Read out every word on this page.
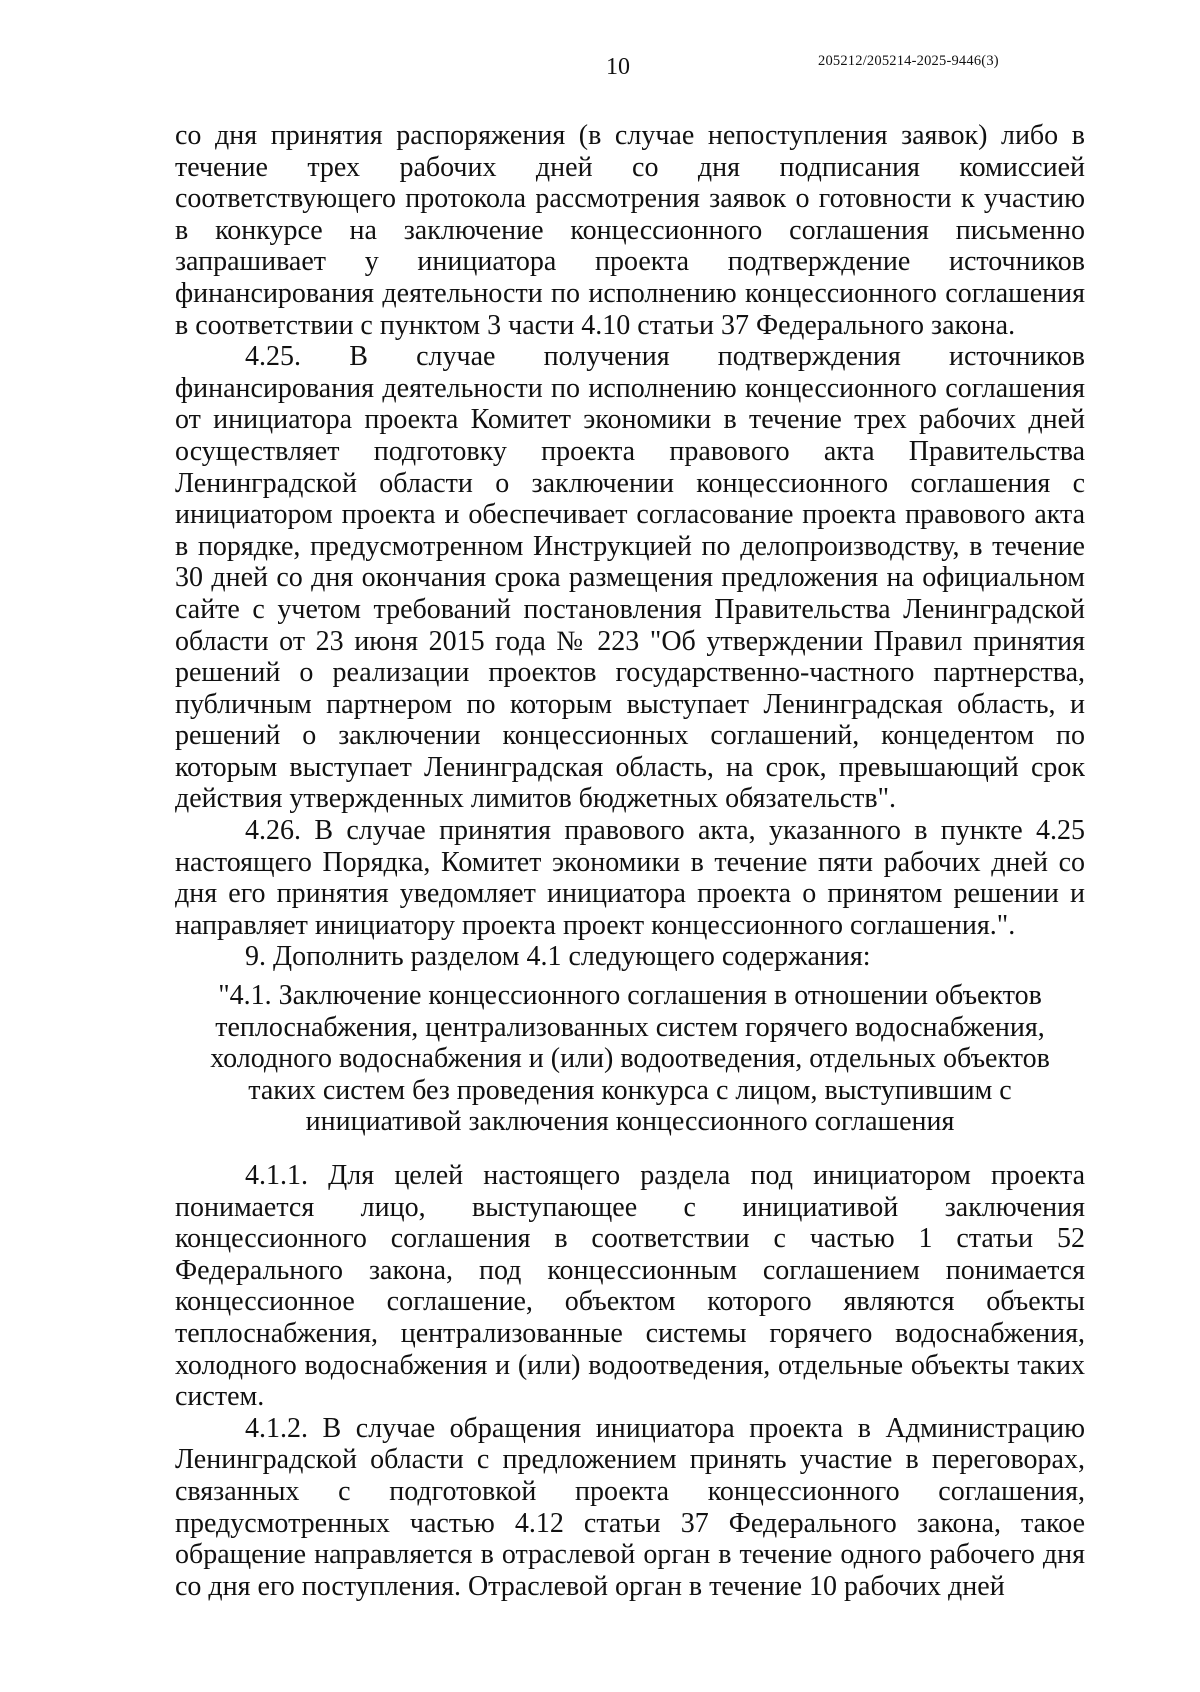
10	205212/205214-2025-9446(3)

со дня принятия распоряжения (в случае непоступления заявок) либо в течение трех рабочих дней со дня подписания комиссией соответствующего протокола рассмотрения заявок о готовности к участию в конкурсе на заключение концессионного соглашения письменно запрашивает у инициатора проекта подтверждение источников финансирования деятельности по исполнению концессионного соглашения в соответствии с пунктом 3 части 4.10 статьи 37 Федерального закона.

4.25. В случае получения подтверждения источников финансирования деятельности по исполнению концессионного соглашения от инициатора проекта Комитет экономики в течение трех рабочих дней осуществляет подготовку проекта правового акта Правительства Ленинградской области о заключении концессионного соглашения с инициатором проекта и обеспечивает согласование проекта правового акта в порядке, предусмотренном Инструкцией по делопроизводству, в течение 30 дней со дня окончания срока размещения предложения на официальном сайте с учетом требований постановления Правительства Ленинградской области от 23 июня 2015 года № 223 "Об утверждении Правил принятия решений о реализации проектов государственно-частного партнерства, публичным партнером по которым выступает Ленинградская область, и решений о заключении концессионных соглашений, концедентом по которым выступает Ленинградская область, на срок, превышающий срок действия утвержденных лимитов бюджетных обязательств".

4.26. В случае принятия правового акта, указанного в пункте 4.25 настоящего Порядка, Комитет экономики в течение пяти рабочих дней со дня его принятия уведомляет инициатора проекта о принятом решении и направляет инициатору проекта проект концессионного соглашения.".

9. Дополнить разделом 4.1 следующего содержания:

"4.1. Заключение концессионного соглашения в отношении объектов теплоснабжения, централизованных систем горячего водоснабжения, холодного водоснабжения и (или) водоотведения, отдельных объектов таких систем без проведения конкурса с лицом, выступившим с инициативой заключения концессионного соглашения

4.1.1. Для целей настоящего раздела под инициатором проекта понимается лицо, выступающее с инициативой заключения концессионного соглашения в соответствии с частью 1 статьи 52 Федерального закона, под концессионным соглашением понимается концессионное соглашение, объектом которого являются объекты теплоснабжения, централизованные системы горячего водоснабжения, холодного водоснабжения и (или) водоотведения, отдельные объекты таких систем.

4.1.2. В случае обращения инициатора проекта в Администрацию Ленинградской области с предложением принять участие в переговорах, связанных с подготовкой проекта концессионного соглашения, предусмотренных частью 4.12 статьи 37 Федерального закона, такое обращение направляется в отраслевой орган в течение одного рабочего дня со дня его поступления. Отраслевой орган в течение 10 рабочих дней
